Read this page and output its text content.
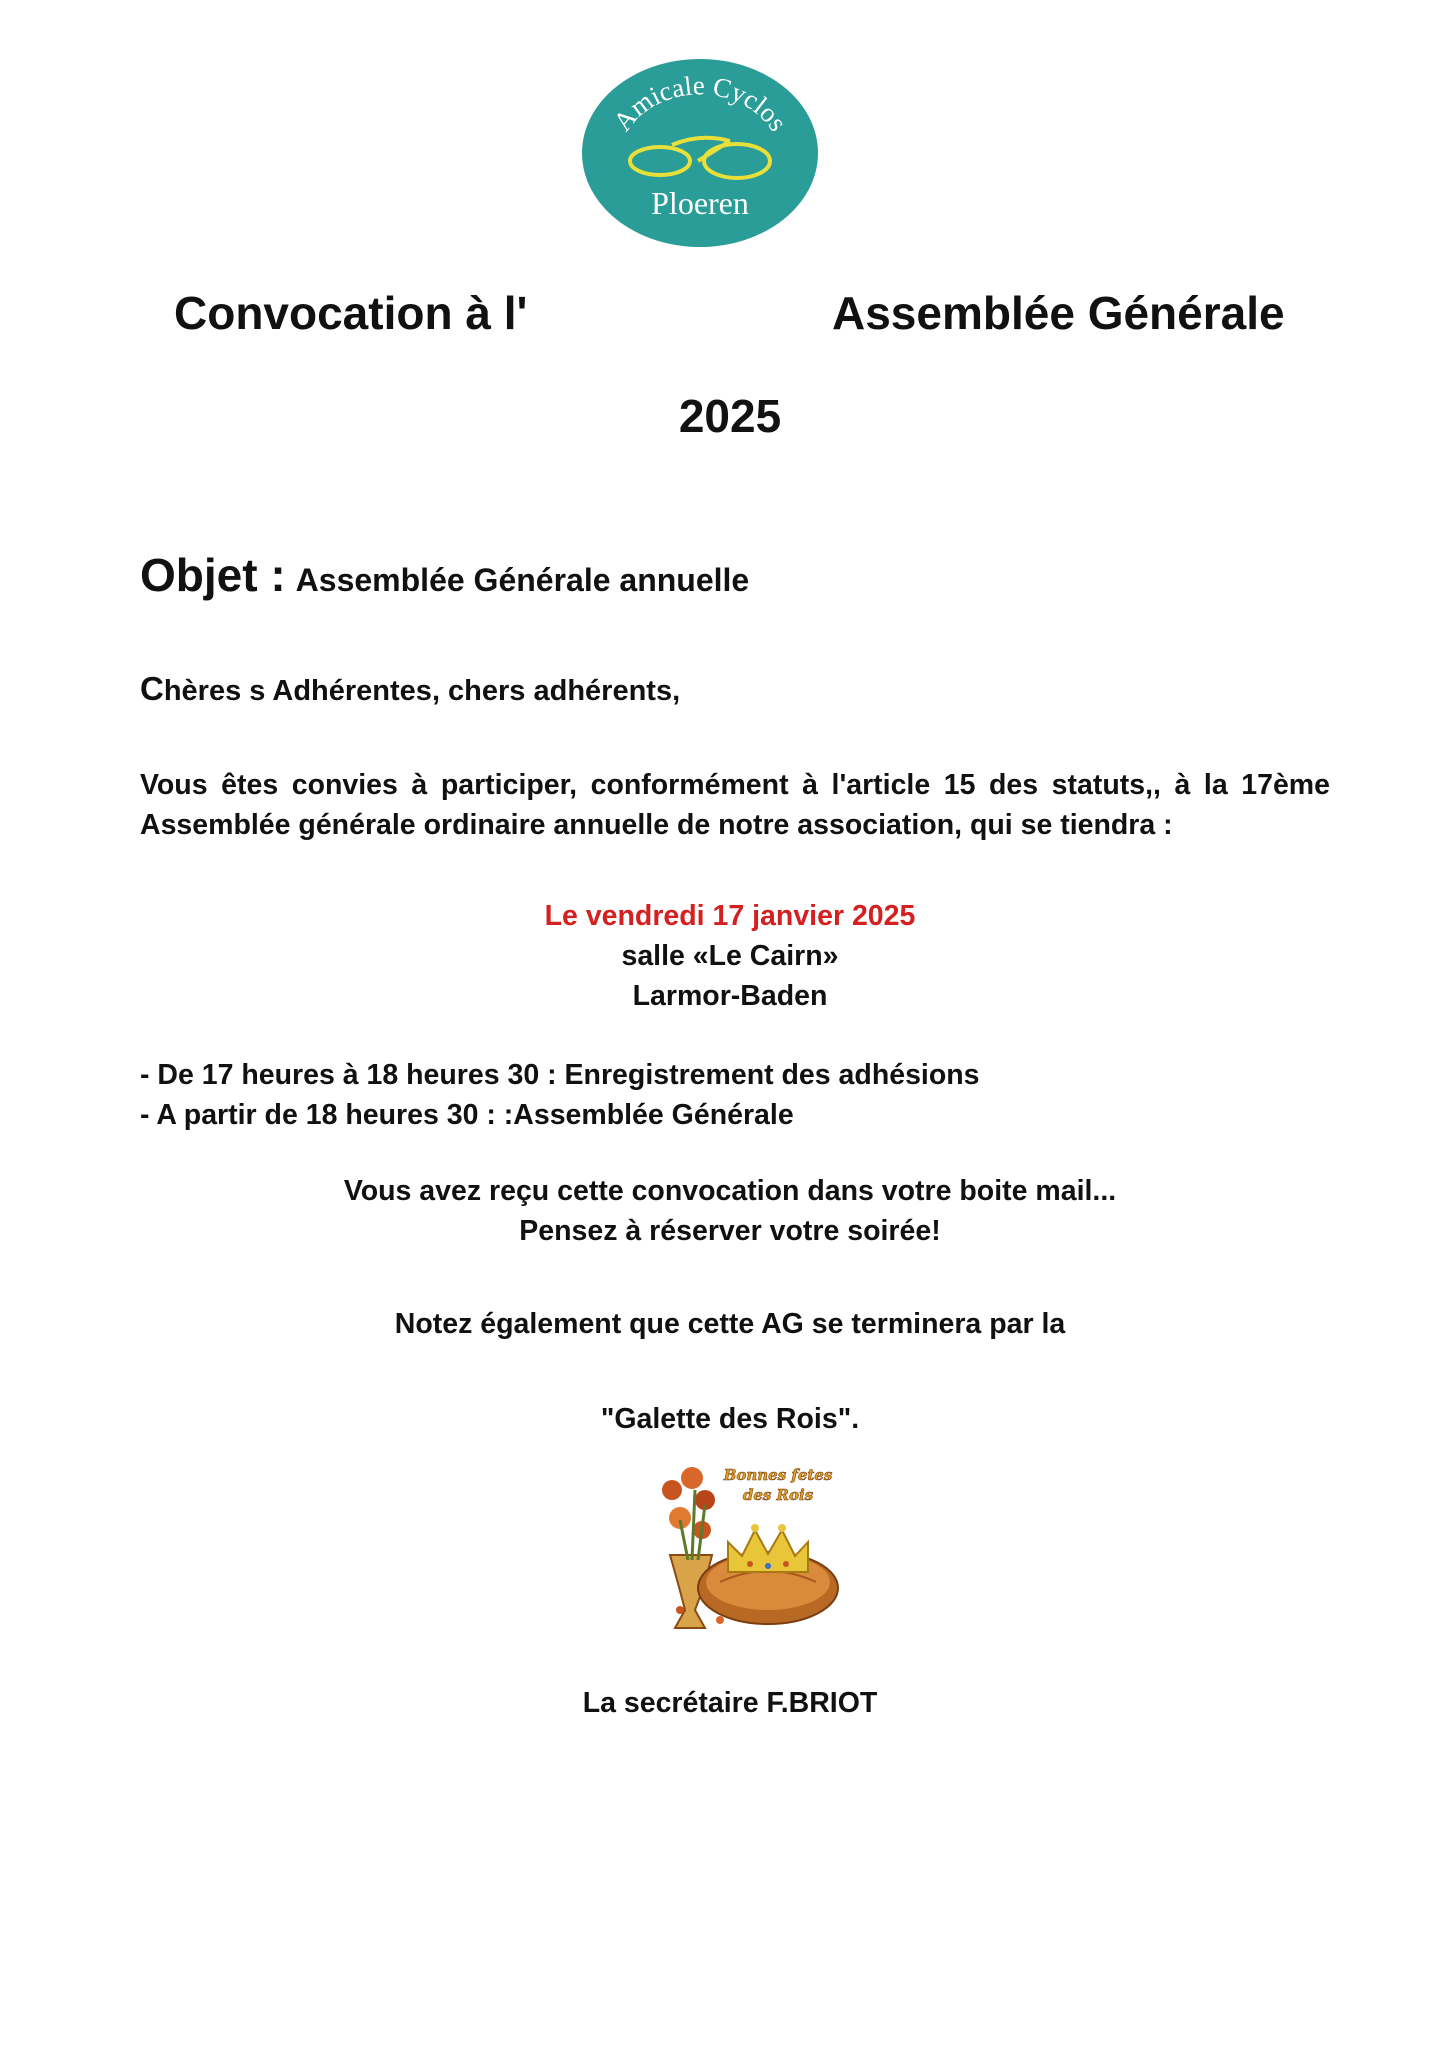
Amicale Cyclos
Ploeren
Convocation à l'	Assemblée Générale
2025
Objet : Assemblée Générale annuelle
Chères s Adhérentes, chers adhérents,
Vous êtes convies à participer, conformément à l'article 15 des statuts,, à la 17ème Assemblée générale ordinaire annuelle de notre association, qui se tiendra :
Le vendredi 17 janvier 2025
salle «Le Cairn»
Larmor-Baden
- De 17 heures à 18 heures 30 : Enregistrement des adhésions
- A partir de 18 heures 30 : :Assemblée Générale
Vous avez reçu cette convocation dans votre boite mail...
Pensez à réserver votre soirée!
Notez également que cette AG se terminera par la
"Galette des Rois".
Bonnes fetes
des Rois
La secrétaire F.BRIOT
